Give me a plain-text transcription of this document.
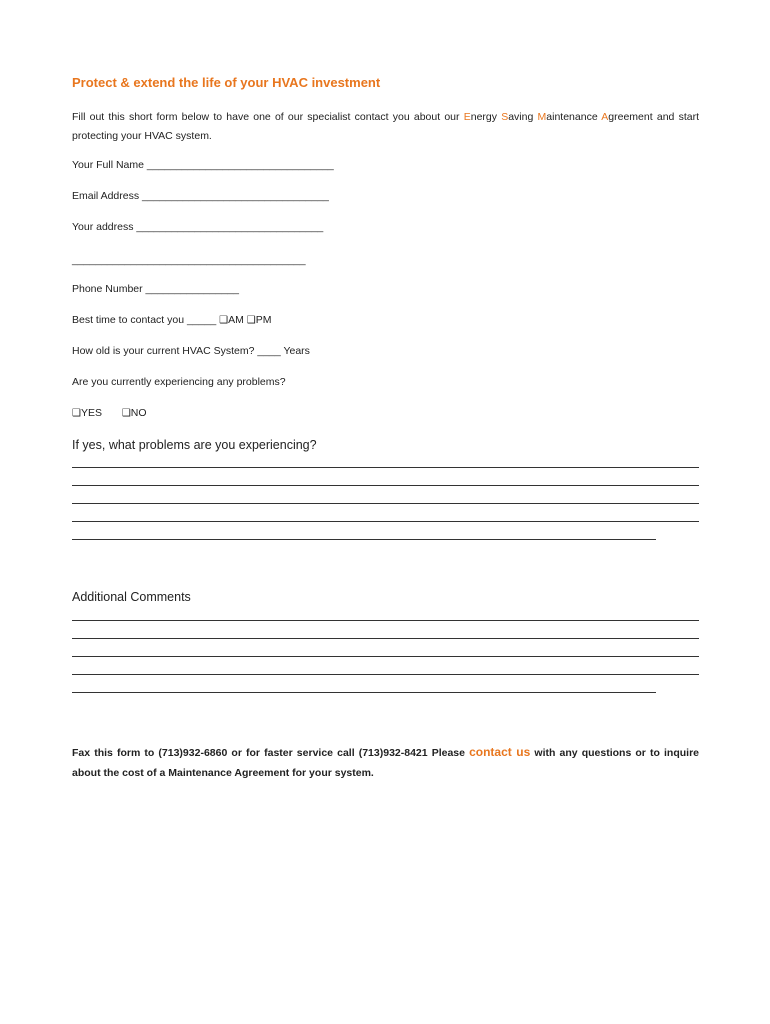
Protect & extend the life of your HVAC investment
Fill out this short form below to have one of our specialist contact you about our Energy Saving Maintenance Agreement and start protecting your HVAC system.
Your Full Name ________________________________
Email Address ________________________________
Your address ________________________________
________________________________________
Phone Number ________________
Best time to contact you _____ ❑AM ❑PM
How old is your current HVAC System? ____ Years
Are you currently experiencing any problems?
❑YES ❑NO
If yes, what problems are you experiencing?
Additional Comments
Fax this form to (713)932-6860 or for faster service call (713)932-8421 Please contact us with any questions or to inquire about the cost of a Maintenance Agreement for your system.
